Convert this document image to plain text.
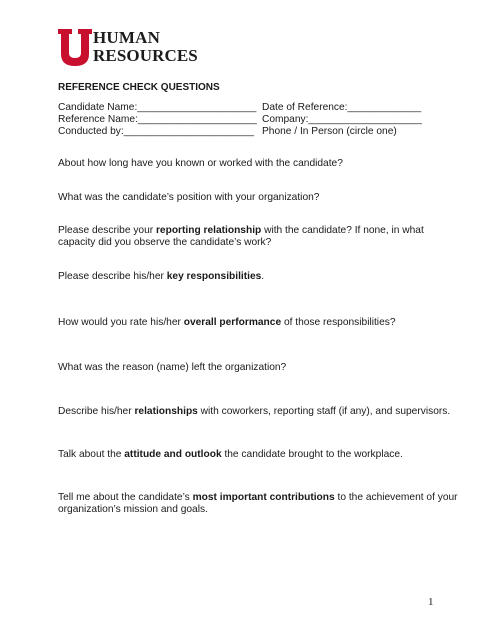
HUMAN
RESOURCES
REFERENCE CHECK QUESTIONS
Candidate Name:_____________________
Reference Name:_____________________
Conducted by:_______________________
Date of Reference:_____________
Company:____________________
Phone / In Person (circle one)
About how long have you known or worked with the candidate?
What was the candidate’s position with your organization?
Please describe your reporting relationship with the candidate? If none, in what capacity did you observe the candidate’s work?
Please describe his/her key responsibilities.
How would you rate his/her overall performance of those responsibilities?
What was the reason (name) left the organization?
Describe his/her relationships with coworkers, reporting staff (if any), and supervisors.
Talk about the attitude and outlook the candidate brought to the workplace.
Tell me about the candidate’s most important contributions to the achievement of your organization’s mission and goals.
1
